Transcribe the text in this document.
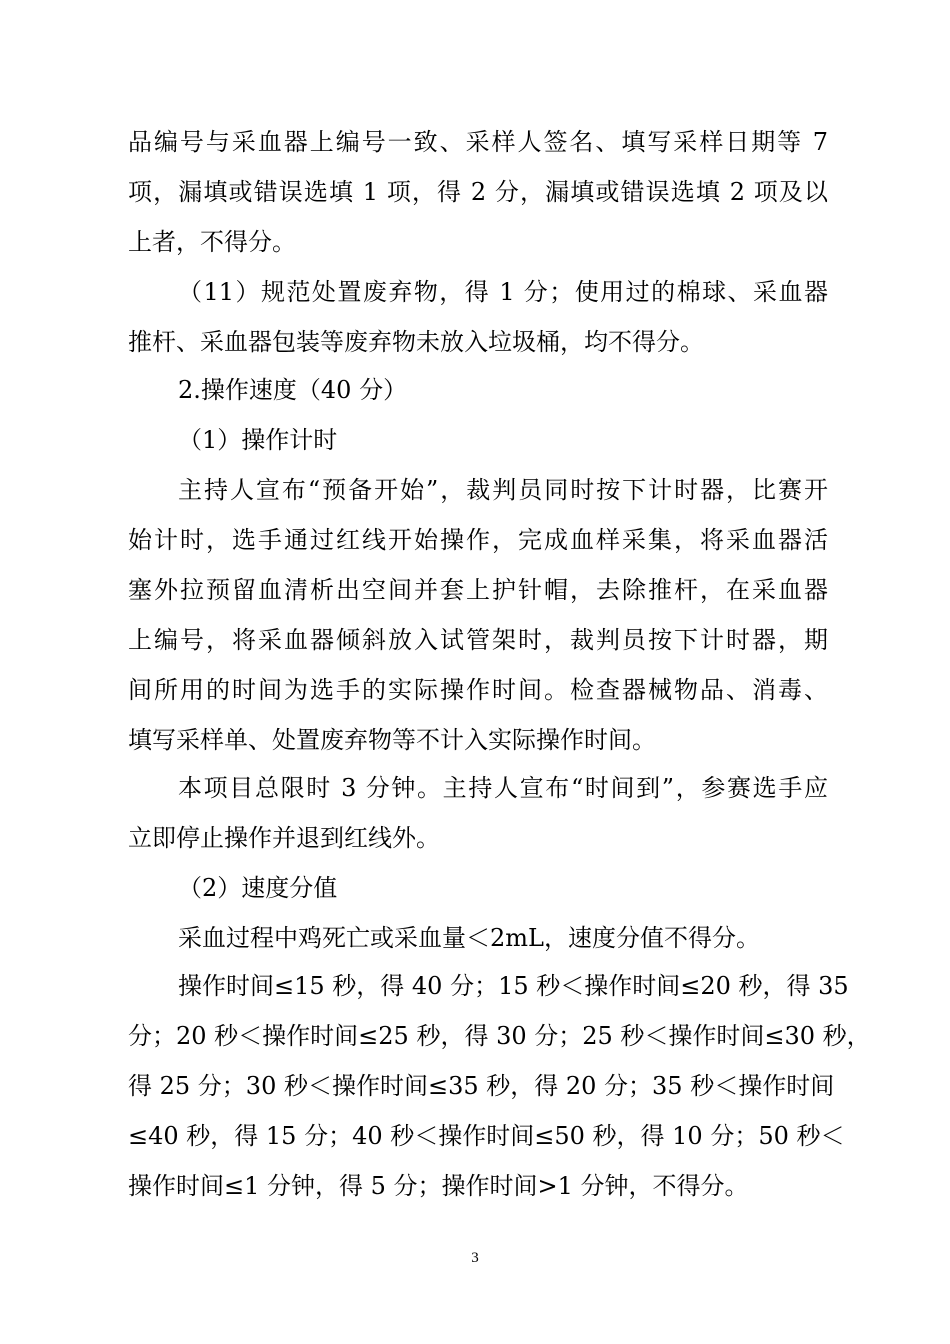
品编号与采血器上编号一致、采样人签名、填写采样日期等 7
项，漏填或错误选填 1 项，得 2 分，漏填或错误选填 2 项及以
上者，不得分。
（11）规范处置废弃物，得 1 分；使用过的棉球、采血器
推杆、采血器包装等废弃物未放入垃圾桶，均不得分。
2.操作速度（40 分）
（1）操作计时
主持人宣布“预备开始”，裁判员同时按下计时器，比赛开
始计时，选手通过红线开始操作，完成血样采集，将采血器活
塞外拉预留血清析出空间并套上护针帽，去除推杆，在采血器
上编号，将采血器倾斜放入试管架时，裁判员按下计时器，期
间所用的时间为选手的实际操作时间。检查器械物品、消毒、
填写采样单、处置废弃物等不计入实际操作时间。
本项目总限时 3 分钟。主持人宣布“时间到”，参赛选手应
立即停止操作并退到红线外。
（2）速度分值
采血过程中鸡死亡或采血量＜2mL，速度分值不得分。
操作时间≤15 秒，得 40 分；15 秒＜操作时间≤20 秒，得 35
分；20 秒＜操作时间≤25 秒，得 30 分；25 秒＜操作时间≤30 秒，
得 25 分；30 秒＜操作时间≤35 秒，得 20 分；35 秒＜操作时间
≤40 秒，得 15 分；40 秒＜操作时间≤50 秒，得 10 分；50 秒＜
操作时间≤1 分钟，得 5 分；操作时间>1 分钟，不得分。
3
